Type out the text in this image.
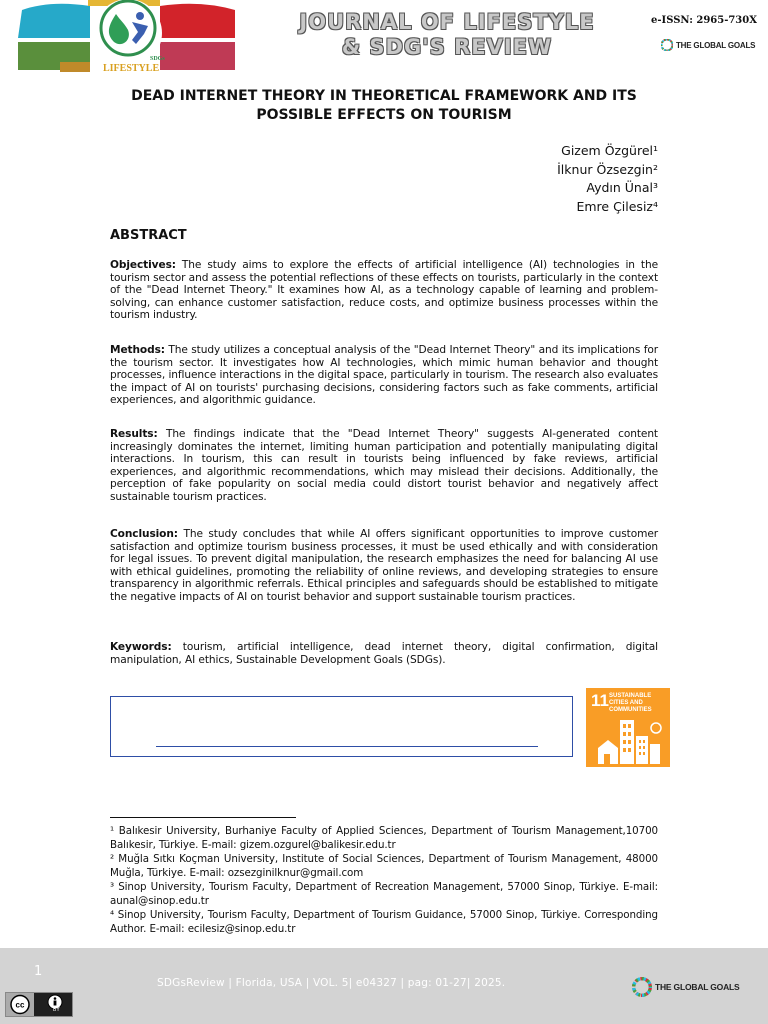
SDGs
LIFESTYLE
JOURNAL OF LIFESTYLE
& SDG'S REVIEW
e-ISSN: 2965-730X
THE GLOBAL GOALS
DEAD INTERNET THEORY IN THEORETICAL FRAMEWORK AND ITS
POSSIBLE EFFECTS ON TOURISM
Gizem Özgürel¹
İlknur Özsezgin²
Aydın Ünal³
Emre Çilesiz⁴
ABSTRACT
Objectives: The study aims to explore the effects of artificial intelligence (AI) technologies in the tourism sector and assess the potential reflections of these effects on tourists, particularly in the context of the "Dead Internet Theory." It examines how AI, as a technology capable of learning and problem-solving, can enhance customer satisfaction, reduce costs, and optimize business processes within the tourism industry.
Methods: The study utilizes a conceptual analysis of the "Dead Internet Theory" and its implications for the tourism sector. It investigates how AI technologies, which mimic human behavior and thought processes, influence interactions in the digital space, particularly in tourism. The research also evaluates the impact of AI on tourists' purchasing decisions, considering factors such as fake comments, artificial experiences, and algorithmic guidance.
Results: The findings indicate that the "Dead Internet Theory" suggests AI-generated content increasingly dominates the internet, limiting human participation and potentially manipulating digital interactions. In tourism, this can result in tourists being influenced by fake reviews, artificial experiences, and algorithmic recommendations, which may mislead their decisions. Additionally, the perception of fake popularity on social media could distort tourist behavior and negatively affect sustainable tourism practices.
Conclusion: The study concludes that while AI offers significant opportunities to improve customer satisfaction and optimize tourism business processes, it must be used ethically and with consideration for legal issues. To prevent digital manipulation, the research emphasizes the need for balancing AI use with ethical guidelines, promoting the reliability of online reviews, and developing strategies to ensure transparency in algorithmic referrals. Ethical principles and safeguards should be established to mitigate the negative impacts of AI on tourist behavior and support sustainable tourism practices.
Keywords: tourism, artificial intelligence, dead internet theory, digital confirmation, digital manipulation, AI ethics, Sustainable Development Goals (SDGs).
11 SUSTAINABLE CITIES AND COMMUNITIES
¹ Balıkesir University, Burhaniye Faculty of Applied Sciences, Department of Tourism Management,10700 Balıkesir, Türkiye. E-mail: gizem.ozgurel@balikesir.edu.tr
² Muğla Sıtkı Koçman University, Institute of Social Sciences, Department of Tourism Management, 48000 Muğla, Türkiye. E-mail: ozsezginilknur@gmail.com
³ Sinop University, Tourism Faculty, Department of Recreation Management, 57000 Sinop, Türkiye. E-mail: aunal@sinop.edu.tr
⁴ Sinop University, Tourism Faculty, Department of Tourism Guidance, 57000 Sinop, Türkiye. Corresponding Author. E-mail: ecilesiz@sinop.edu.tr
1
SDGsReview | Florida, USA | VOL. 5| e04327 | pag: 01-27| 2025.
cc
BY
THE GLOBAL GOALS
